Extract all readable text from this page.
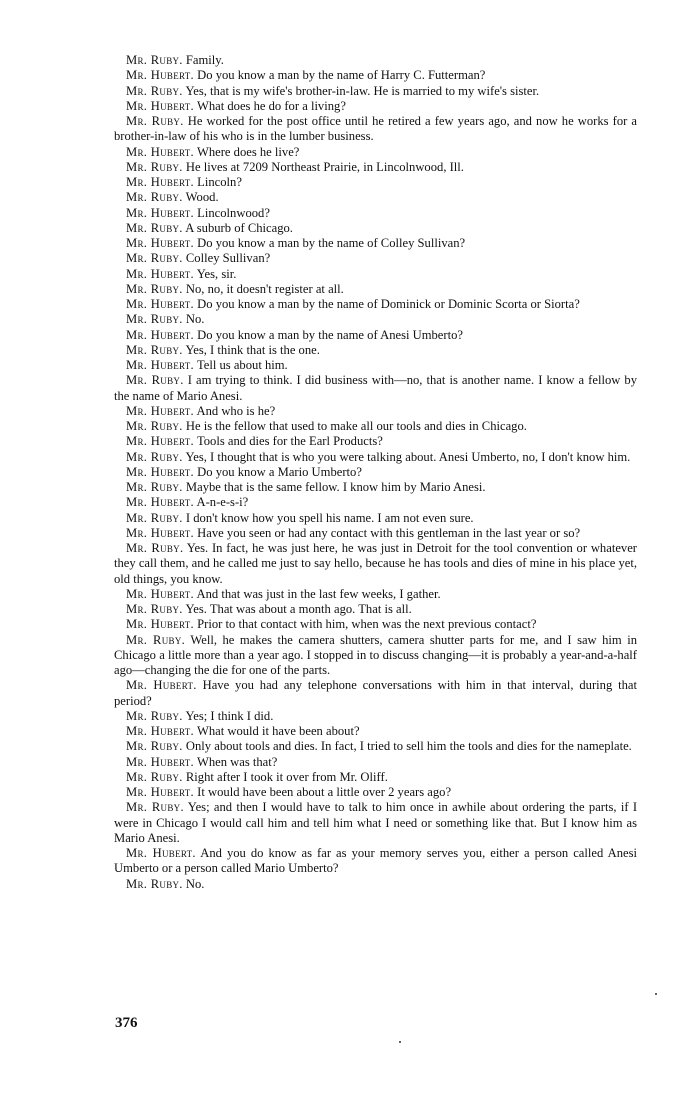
Mr. Ruby. Family.

Mr. Hubert. Do you know a man by the name of Harry C. Futterman?

Mr. Ruby. Yes, that is my wife's brother-in-law. He is married to my wife's sister.

Mr. Hubert. What does he do for a living?

Mr. Ruby. He worked for the post office until he retired a few years ago, and now he works for a brother-in-law of his who is in the lumber business.

Mr. Hubert. Where does he live?

Mr. Ruby. He lives at 7209 Northeast Prairie, in Lincolnwood, Ill.

Mr. Hubert. Lincoln?

Mr. Ruby. Wood.

Mr. Hubert. Lincolnwood?

Mr. Ruby. A suburb of Chicago.

Mr. Hubert. Do you know a man by the name of Colley Sullivan?

Mr. Ruby. Colley Sullivan?

Mr. Hubert. Yes, sir.

Mr. Ruby. No, no, it doesn't register at all.

Mr. Hubert. Do you know a man by the name of Dominick or Dominic Scorta or Siorta?

Mr. Ruby. No.

Mr. Hubert. Do you know a man by the name of Anesi Umberto?

Mr. Ruby. Yes, I think that is the one.

Mr. Hubert. Tell us about him.

Mr. Ruby. I am trying to think. I did business with—no, that is another name. I know a fellow by the name of Mario Anesi.

Mr. Hubert. And who is he?

Mr. Ruby. He is the fellow that used to make all our tools and dies in Chicago.

Mr. Hubert. Tools and dies for the Earl Products?

Mr. Ruby. Yes, I thought that is who you were talking about. Anesi Umberto, no, I don't know him.

Mr. Hubert. Do you know a Mario Umberto?

Mr. Ruby. Maybe that is the same fellow. I know him by Mario Anesi.

Mr. Hubert. A-n-e-s-i?

Mr. Ruby. I don't know how you spell his name. I am not even sure.

Mr. Hubert. Have you seen or had any contact with this gentleman in the last year or so?

Mr. Ruby. Yes. In fact, he was just here, he was just in Detroit for the tool convention or whatever they call them, and he called me just to say hello, because he has tools and dies of mine in his place yet, old things, you know.

Mr. Hubert. And that was just in the last few weeks, I gather.

Mr. Ruby. Yes. That was about a month ago. That is all.

Mr. Hubert. Prior to that contact with him, when was the next previous contact?

Mr. Ruby. Well, he makes the camera shutters, camera shutter parts for me, and I saw him in Chicago a little more than a year ago. I stopped in to discuss changing—it is probably a year-and-a-half ago—changing the die for one of the parts.

Mr. Hubert. Have you had any telephone conversations with him in that interval, during that period?

Mr. Ruby. Yes; I think I did.

Mr. Hubert. What would it have been about?

Mr. Ruby. Only about tools and dies. In fact, I tried to sell him the tools and dies for the nameplate.

Mr. Hubert. When was that?

Mr. Ruby. Right after I took it over from Mr. Oliff.

Mr. Hubert. It would have been about a little over 2 years ago?

Mr. Ruby. Yes; and then I would have to talk to him once in awhile about ordering the parts, if I were in Chicago I would call him and tell him what I need or something like that. But I know him as Mario Anesi.

Mr. Hubert. And you do know as far as your memory serves you, either a person called Anesi Umberto or a person called Mario Umberto?

Mr. Ruby. No.

376
